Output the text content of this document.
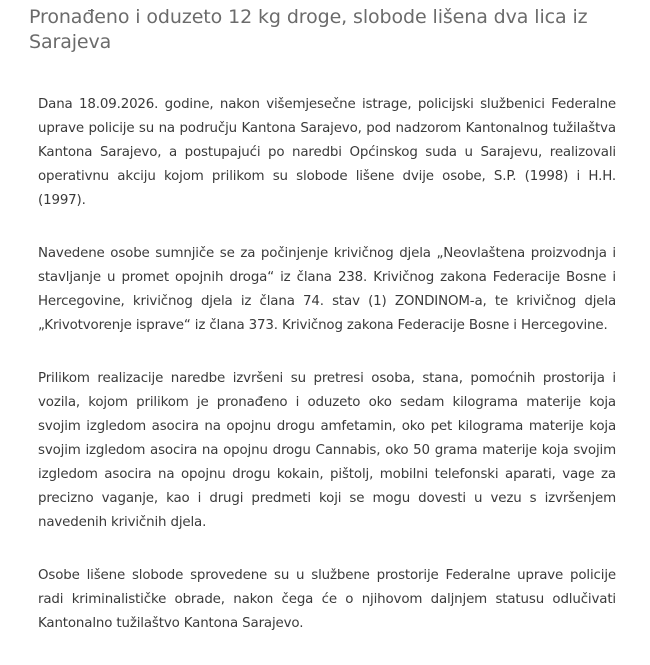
Pronađeno i oduzeto 12 kg droge, slobode lišena dva lica iz Sarajeva

Dana 18.09.2026. godine, nakon višemjesečne istrage, policijski službenici Federalne uprave policije su na području Kantona Sarajevo, pod nadzorom Kantonalnog tužilaštva Kantona Sarajevo, a postupajući po naredbi Općinskog suda u Sarajevu, realizovali operativnu akciju kojom prilikom su slobode lišene dvije osobe, S.P. (1998) i H.H. (1997).

Navedene osobe sumnjiče se za počinjenje krivičnog djela „Neovlaštena proizvodnja i stavljanje u promet opojnih droga“ iz člana 238. Krivičnog zakona Federacije Bosne i Hercegovine, krivičnog djela iz člana 74. stav (1) ZONDINOM-a, te krivičnog djela „Krivotvorenje isprave“ iz člana 373. Krivičnog zakona Federacije Bosne i Hercegovine.

Prilikom realizacije naredbe izvršeni su pretresi osoba, stana, pomoćnih prostorija i vozila, kojom prilikom je pronađeno i oduzeto oko sedam kilograma materije koja svojim izgledom asocira na opojnu drogu amfetamin, oko pet kilograma materije koja svojim izgledom asocira na opojnu drogu Cannabis, oko 50 grama materije koja svojim izgledom asocira na opojnu drogu kokain, pištolj, mobilni telefonski aparati, vage za precizno vaganje, kao i drugi predmeti koji se mogu dovesti u vezu s izvršenjem navedenih krivičnih djela.

Osobe lišene slobode sprovedene su u službene prostorije Federalne uprave policije radi kriminalističke obrade, nakon čega će o njihovom daljnjem statusu odlučivati Kantonalno tužilaštvo Kantona Sarajevo.
